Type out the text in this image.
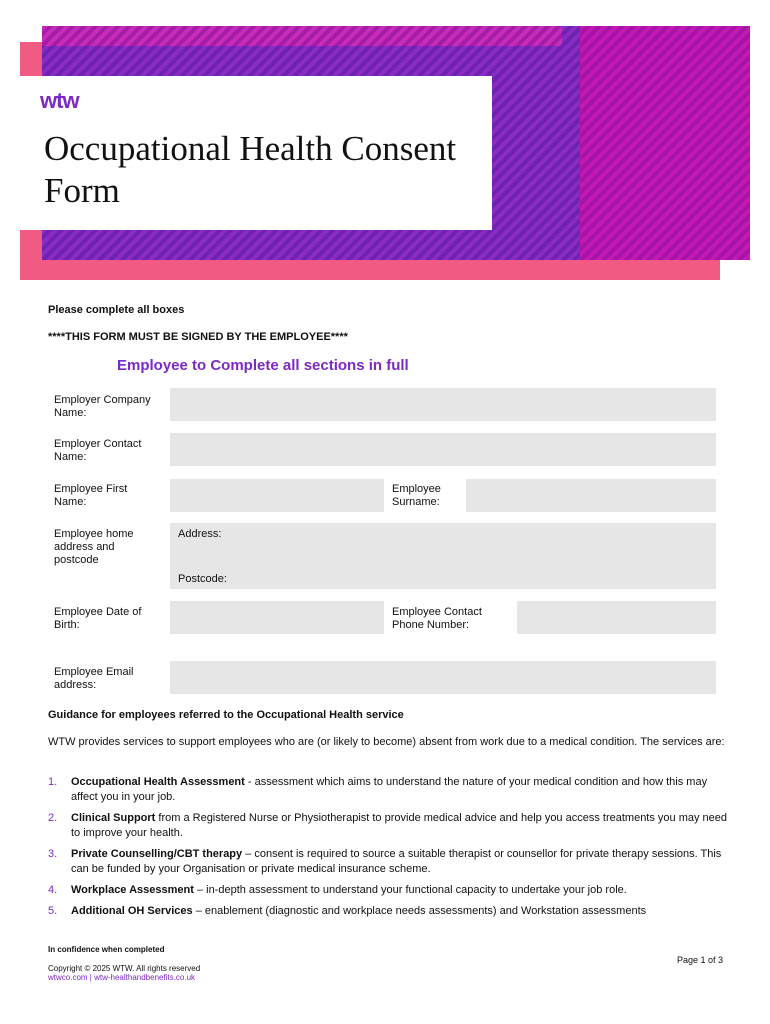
wtw
Occupational Health Consent Form
Please complete all boxes
****THIS FORM MUST BE SIGNED BY THE EMPLOYEE****
Employee to Complete all sections in full
Employer Company Name:
Employer Contact Name:
Employee First Name:
Employee Surname:
Employee home address and postcode
Address:
Postcode:
Employee Date of Birth:
Employee Contact Phone Number:
Employee Email address:
Guidance for employees referred to the Occupational Health service

WTW provides services to support employees who are (or likely to become) absent from work due to a medical condition. The services are:

1. Occupational Health Assessment - assessment which aims to understand the nature of your medical condition and how this may affect you in your job.
2. Clinical Support from a Registered Nurse or Physiotherapist to provide medical advice and help you access treatments you may need to improve your health.
3. Private Counselling/CBT therapy – consent is required to source a suitable therapist or counsellor for private therapy sessions. This can be funded by your Organisation or private medical insurance scheme.
4. Workplace Assessment – in-depth assessment to understand your functional capacity to undertake your job role.
5. Additional OH Services – enablement (diagnostic and workplace needs assessments) and Workstation assessments
In confidence when completed
Page 1 of 3
Copyright © 2025 WTW. All rights reserved
wtwco.com | wtw-healthandbenefits.co.uk
